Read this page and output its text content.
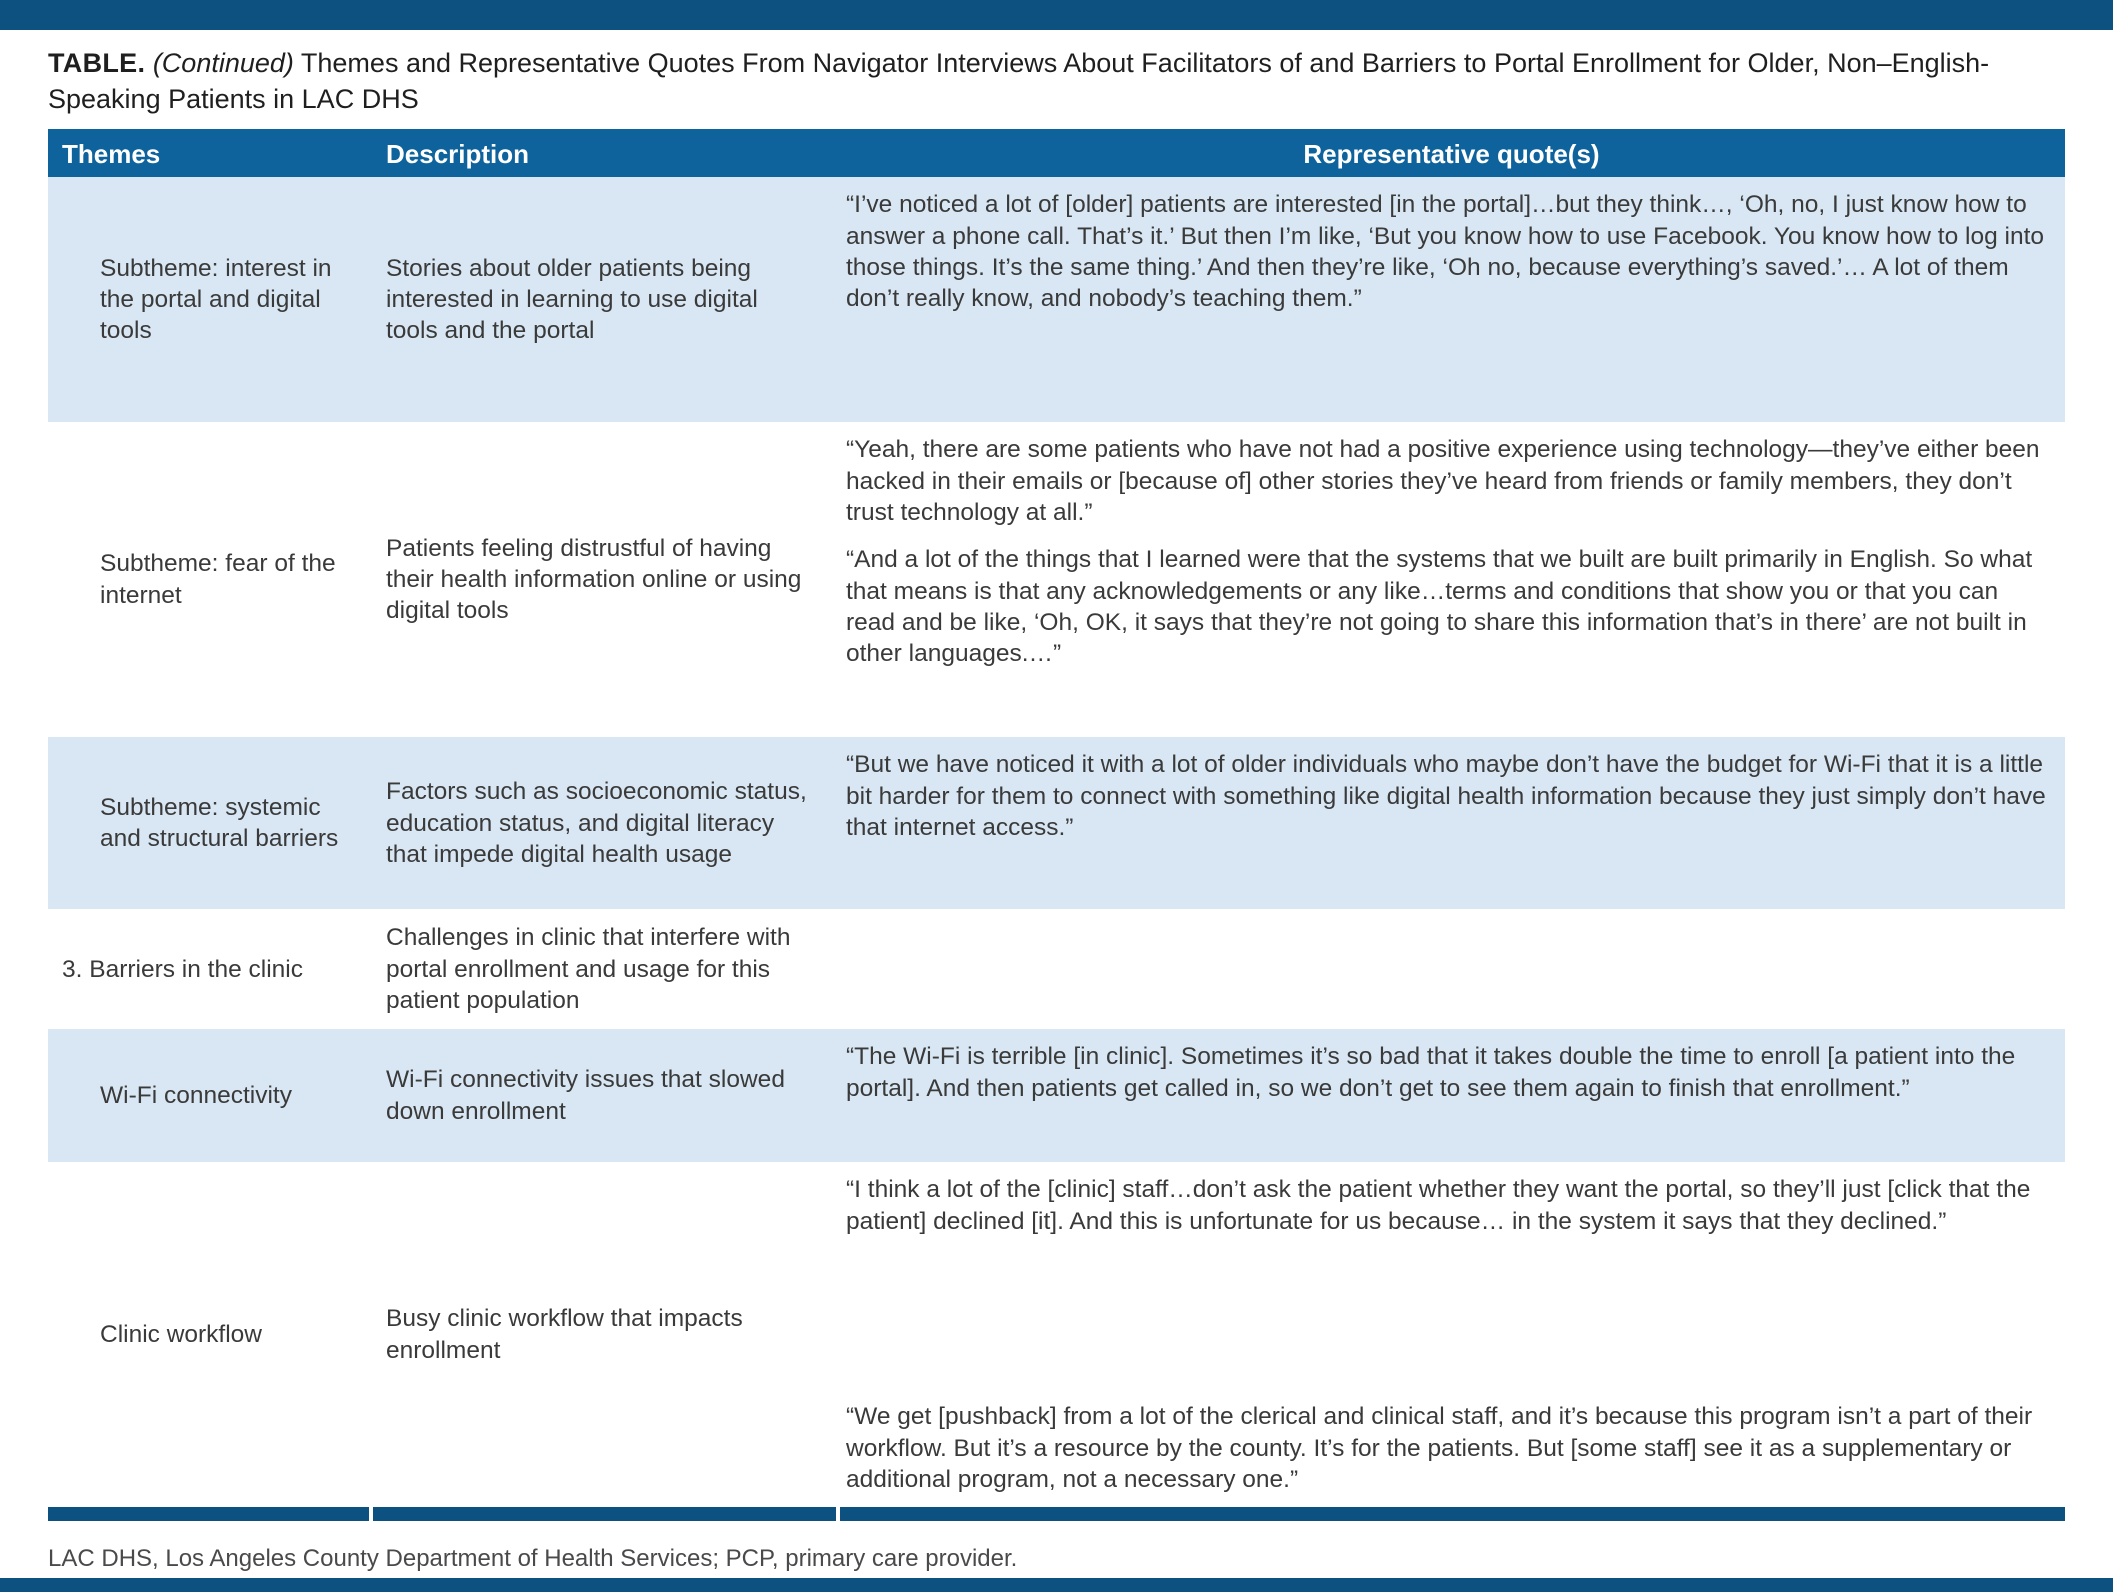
TABLE. (Continued) Themes and Representative Quotes From Navigator Interviews About Facilitators of and Barriers to Portal Enrollment for Older, Non–English-Speaking Patients in LAC DHS

Themes	Description	Representative quote(s)
Subtheme: interest in the portal and digital tools
Stories about older patients being interested in learning to use digital tools and the portal

“I’ve noticed a lot of [older] patients are interested [in the portal]…but they think…, ‘Oh, no, I just know how to answer a phone call. That’s it.’ But then I’m like, ‘But you know how to use Facebook. You know how to log into those things. It’s the same thing.’ And then they’re like, ‘Oh no, because everything’s saved.’… A lot of them don’t really know, and nobody’s teaching them.”

Subtheme: fear of the internet
Patients feeling distrustful of having their health information online or using digital tools

“Yeah, there are some patients who have not had a positive experience using technology—they’ve either been hacked in their emails or [because of] other stories they’ve heard from friends or family members, they don’t trust technology at all.”

“And a lot of the things that I learned were that the systems that we built are built primarily in English. So what that means is that any acknowledgements or any like…terms and conditions that show you or that you can read and be like, ‘Oh, OK, it says that they’re not going to share this information that’s in there’ are not built in other languages.…”

Subtheme: systemic and structural barriers
Factors such as socioeconomic status, education status, and digital literacy that impede digital health usage

“But we have noticed it with a lot of older individuals who maybe don’t have the budget for Wi-Fi that it is a little bit harder for them to connect with something like digital health information because they just simply don’t have that internet access.”

3. Barriers in the clinic
Challenges in clinic that interfere with portal enrollment and usage for this patient population
Wi-Fi connectivity
Wi-Fi connectivity issues that slowed down enrollment

“The Wi-Fi is terrible [in clinic]. Sometimes it’s so bad that it takes double the time to enroll [a patient into the portal]. And then patients get called in, so we don’t get to see them again to finish that enrollment.”

Clinic workflow
Busy clinic workflow that impacts enrollment

“I think a lot of the [clinic] staff…don’t ask the patient whether they want the portal, so they’ll just [click that the patient] declined [it]. And this is unfortunate for us because… in the system it says that they declined.”

“We get [pushback] from a lot of the clerical and clinical staff, and it’s because this program isn’t a part of their workflow. But it’s a resource by the county. It’s for the patients. But [some staff] see it as a supplementary or additional program, not a necessary one.”

LAC DHS, Los Angeles County Department of Health Services; PCP, primary care provider.
